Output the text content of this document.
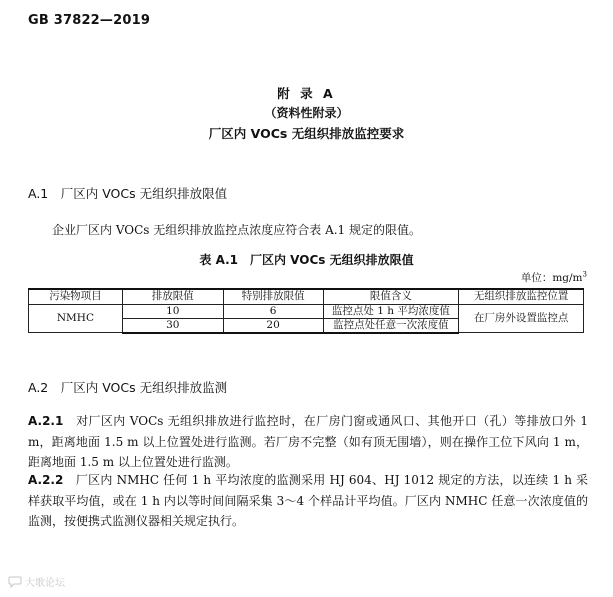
GB 37822—2019
附 录 A
（资料性附录）
厂区内 VOCs 无组织排放监控要求
A.1　厂区内 VOCs 无组织排放限值
企业厂区内 VOCs 无组织排放监控点浓度应符合表 A.1 规定的限值。
表 A.1　厂区内 VOCs 无组织排放限值
单位：$mg/m^3$
污染物项目	排放限值	特别排放限值	限值含义	无组织排放监控位置
NMHC	10	6	监控点处 1 h 平均浓度值	在厂房外设置监控点
	30	20	监控点处任意一次浓度值	
A.2　厂区内 VOCs 无组织排放监测
A.2.1　对厂区内 VOCs 无组织排放进行监控时，在厂房门窗或通风口、其他开口（孔）等排放口外 1 m，距离地面 1.5 m 以上位置处进行监测。若厂房不完整（如有顶无围墙），则在操作工位下风向 1 m，距离地面 1.5 m 以上位置处进行监测。
A.2.2　厂区内 NMHC 任何 1 h 平均浓度的监测采用 HJ 604、HJ 1012 规定的方法，以连续 1 h 采样获取平均值，或在 1 h 内以等时间间隔采集 3～4 个样品计平均值。厂区内 NMHC 任意一次浓度值的监测，按便携式监测仪器相关规定执行。
大歌论坛
